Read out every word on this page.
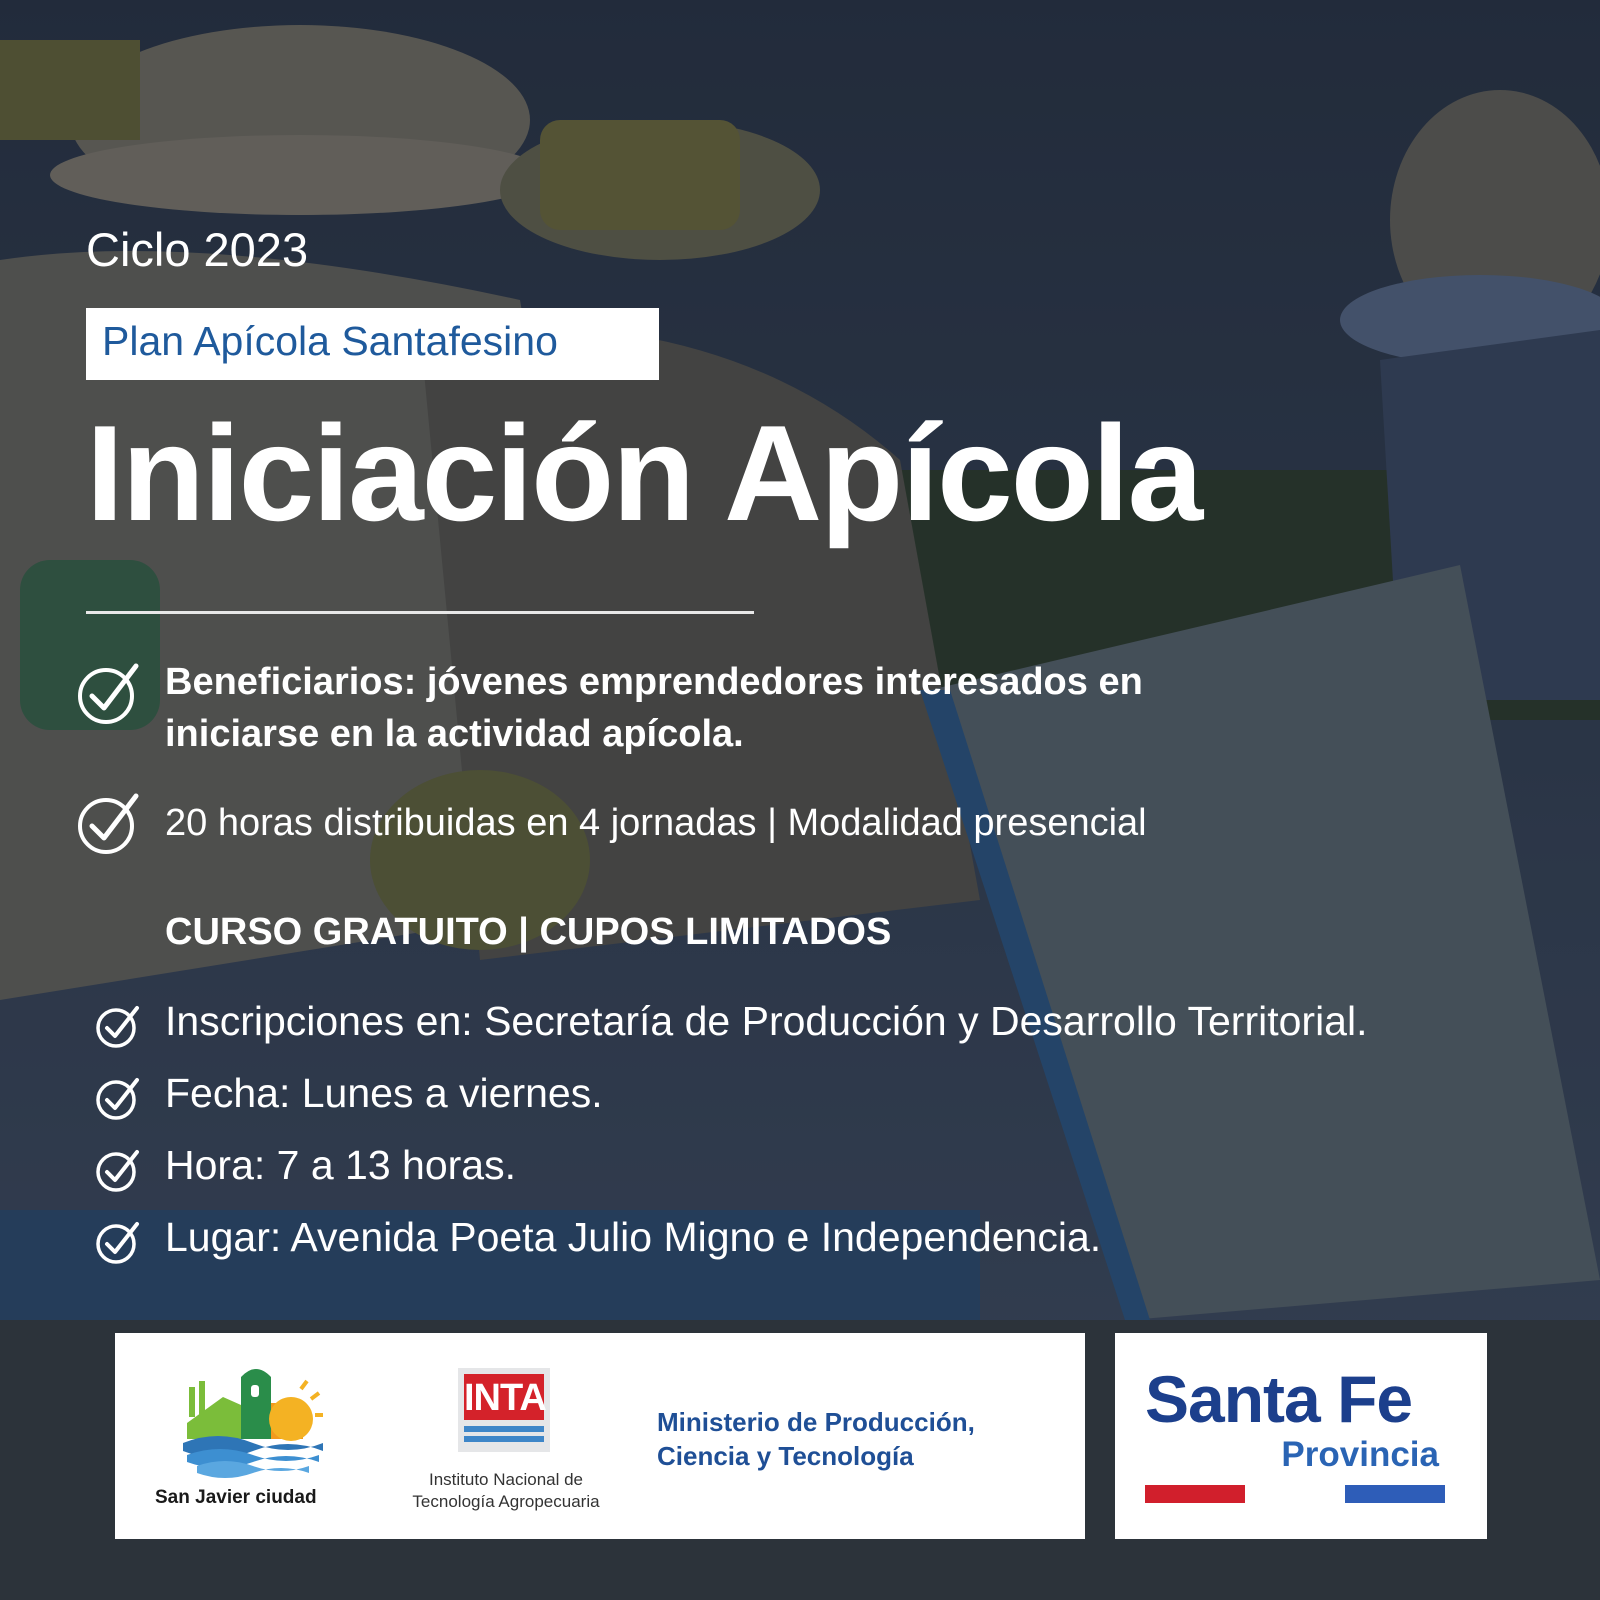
Ciclo 2023
Plan Apícola Santafesino
Iniciación Apícola
Beneficiarios: jóvenes emprendedores interesados en
iniciarse en la actividad apícola.
20 horas distribuidas en 4 jornadas | Modalidad presencial
CURSO GRATUITO | CUPOS LIMITADOS
Inscripciones en: Secretaría de Producción y Desarrollo Territorial.
Fecha: Lunes a viernes.
Hora: 7 a 13 horas.
Lugar: Avenida Poeta Julio Migno e Independencia.
San Javier ciudad
INTA
Instituto Nacional de
Tecnología Agropecuaria
Ministerio de Producción,
Ciencia y Tecnología
Santa Fe
Provincia
